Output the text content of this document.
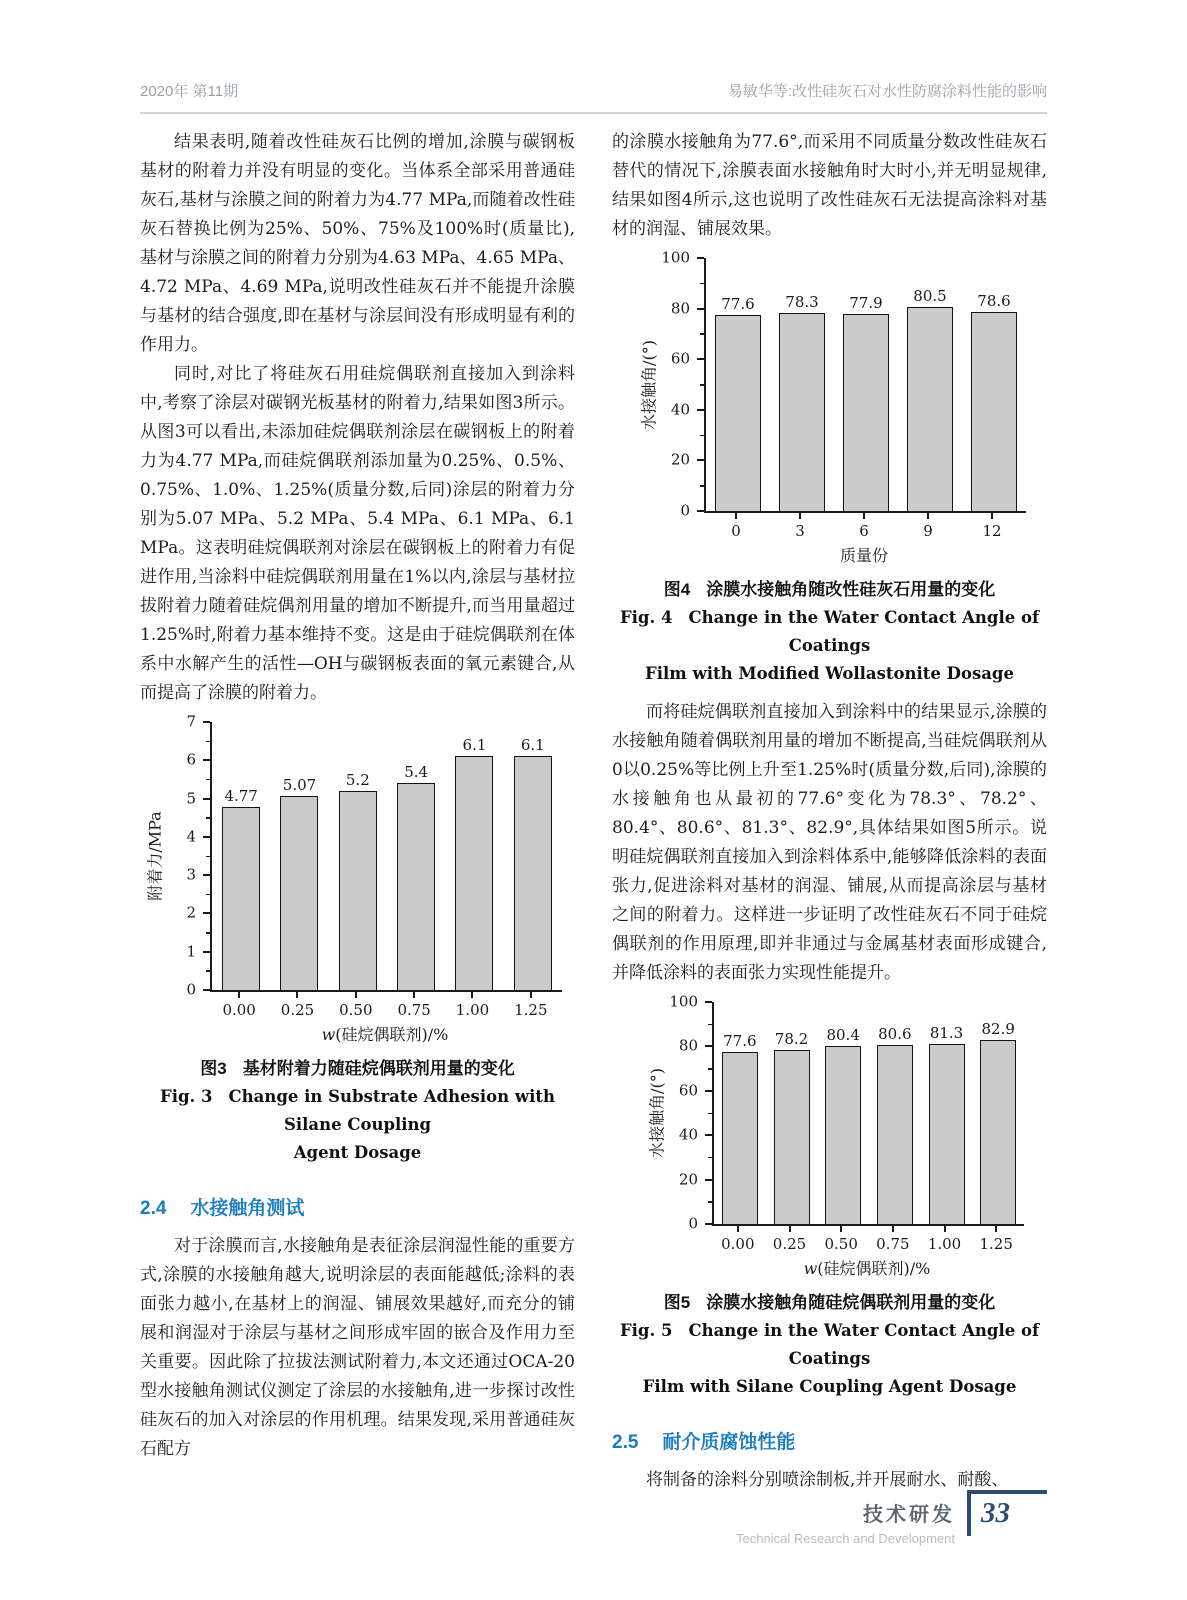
2020年 第11期	易敏华等:改性硅灰石对水性防腐涂料性能的影响

结果表明,随着改性硅灰石比例的增加,涂膜与碳钢板基材的附着力并没有明显的变化。当体系全部采用普通硅灰石,基材与涂膜之间的附着力为4.77 MPa,而随着改性硅灰石替换比例为25%、50%、75%及100%时(质量比),基材与涂膜之间的附着力分别为4.63 MPa、4.65 MPa、4.72 MPa、4.69 MPa,说明改性硅灰石并不能提升涂膜与基材的结合强度,即在基材与涂层间没有形成明显有利的作用力。

同时,对比了将硅灰石用硅烷偶联剂直接加入到涂料中,考察了涂层对碳钢光板基材的附着力,结果如图3所示。从图3可以看出,未添加硅烷偶联剂涂层在碳钢板上的附着力为4.77 MPa,而硅烷偶联剂添加量为0.25%、0.5%、0.75%、1.0%、1.25%(质量分数,后同)涂层的附着力分别为5.07 MPa、5.2 MPa、5.4 MPa、6.1 MPa、6.1 MPa。这表明硅烷偶联剂对涂层在碳钢板上的附着力有促进作用,当涂料中硅烷偶联剂用量在1%以内,涂层与基材拉拔附着力随着硅烷偶剂用量的增加不断提升,而当用量超过1.25%时,附着力基本维持不变。这是由于硅烷偶联剂在体系中水解产生的活性—OH与碳钢板表面的氧元素键合,从而提高了涂膜的附着力。

附着力/MPa
4.77
5.07 5.2 5.4
6.1 6.1
0
1
2
3
4
5
6
7
0.00	0.25	0.50	0.75	1.00	1.25
w(硅烷偶联剂)/%
图3 基材附着力随硅烷偶联剂用量的变化
Fig. 3 Change in Substrate Adhesion with Silane Coupling
Agent Dosage
2.4 水接触角测试

对于涂膜而言,水接触角是表征涂层润湿性能的重要方式,涂膜的水接触角越大,说明涂层的表面能越低;涂料的表面张力越小,在基材上的润湿、铺展效果越好,而充分的铺展和润湿对于涂层与基材之间形成牢固的嵌合及作用力至关重要。因此除了拉拔法测试附着力,本文还通过OCA-20型水接触角测试仪测定了涂层的水接触角,进一步探讨改性硅灰石的加入对涂层的作用机理。结果发现,采用普通硅灰石配方

的涂膜水接触角为77.6°,而采用不同质量分数改性硅灰石替代的情况下,涂膜表面水接触角时大时小,并无明显规律,结果如图4所示,这也说明了改性硅灰石无法提高涂料对基材的润湿、铺展效果。

水接触角/(°)
77.6 78.3 77.9 80.5 78.6
0
20
40
60
80
100
0	3	6	9	12
质量份
图4 涂膜水接触角随改性硅灰石用量的变化
Fig. 4 Change in the Water Contact Angle of Coatings
Film with Modified Wollastonite Dosage

而将硅烷偶联剂直接加入到涂料中的结果显示,涂膜的水接触角随着偶联剂用量的增加不断提高,当硅烷偶联剂从0以0.25%等比例上升至1.25%时(质量分数,后同),涂膜的水接触角也从最初的77.6°变化为78.3°、78.2°、80.4°、80.6°、81.3°、82.9°,具体结果如图5所示。说明硅烷偶联剂直接加入到涂料体系中,能够降低涂料的表面张力,促进涂料对基材的润湿、铺展,从而提高涂层与基材之间的附着力。这样进一步证明了改性硅灰石不同于硅烷偶联剂的作用原理,即并非通过与金属基材表面形成键合,并降低涂料的表面张力实现性能提升。

水接触角/(°)
77.6 78.2 80.4 80.6 81.3 82.9
0
20
40
60
80
100
0.00	0.25	0.50	0.75	1.00	1.25
w(硅烷偶联剂)/%
图5 涂膜水接触角随硅烷偶联剂用量的变化
Fig. 5 Change in the Water Contact Angle of Coatings
Film with Silane Coupling Agent Dosage
2.5 耐介质腐蚀性能

将制备的涂料分别喷涂制板,并开展耐水、耐酸、

技术研发
Technical Research and Development
33
